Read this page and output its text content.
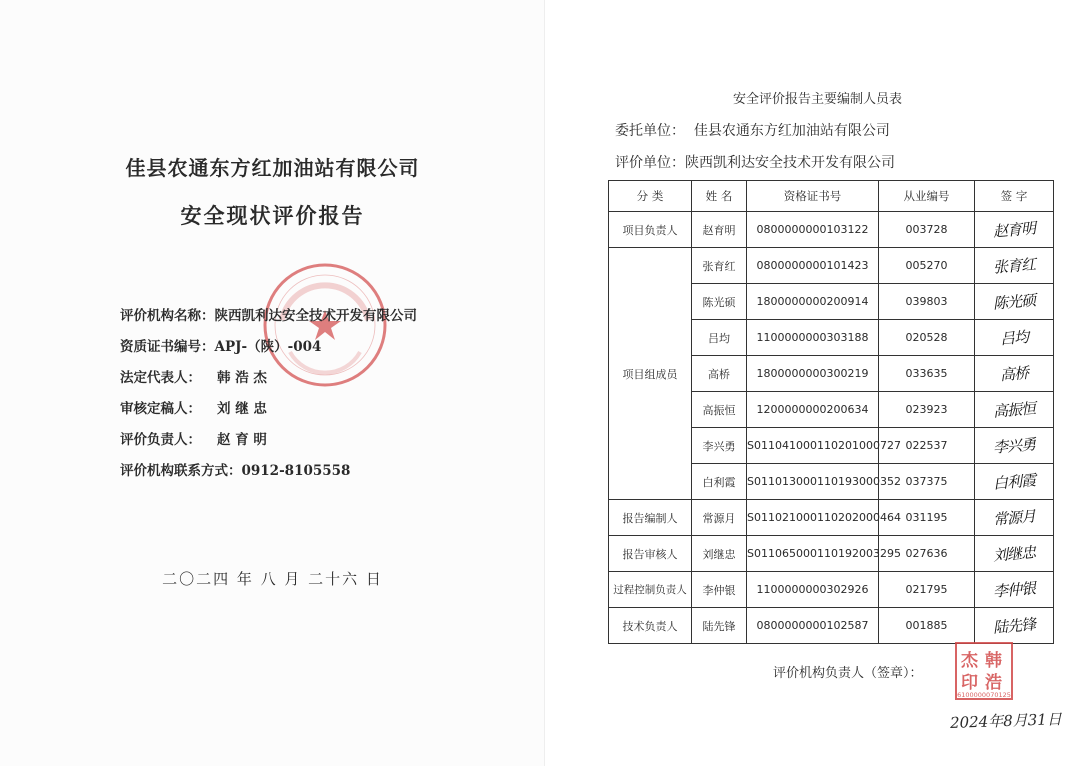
佳县农通东方红加油站有限公司
安全现状评价报告
评价机构名称：陕西凯利达安全技术开发有限公司
资质证书编号：APJ-（陕）-004
法定代表人： 韩 浩 杰
审核定稿人： 刘 继 忠
评价负责人： 赵 育 明
评价机构联系方式：0912-8105558
二〇二四 年 八 月 二十六 日
安全评价报告主要编制人员表
委托单位： 佳县农通东方红加油站有限公司
评价单位：陕西凯利达安全技术开发有限公司
分 类	姓 名	资格证书号	从业编号	签 字
项目负责人	赵育明	0800000000103122	003728	赵育明
项目组成员	张育红	0800000000101423	005270	张育红
	陈光硕	1800000000200914	039803	陈光硕
	吕均	1100000000303188	020528	吕均
	高桥	1800000000300219	033635	高桥
	高振恒	1200000000200634	023923	高振恒
	李兴勇	S011041000110201000727	022537	李兴勇
	白利霞	S011013000110193000352	037375	白利霞
报告编制人	常源月	S011021000110202000464	031195	常源月
报告审核人	刘继忠	S011065000110192003295	027636	刘继忠
过程控制负责人	李仲银	1100000000302926	021795	李仲银
技术负责人	陆先锋	0800000000102587	001885	陆先锋
评价机构负责人（签章）：
杰 韩
印 浩
6100000070125
2024年8月31日
